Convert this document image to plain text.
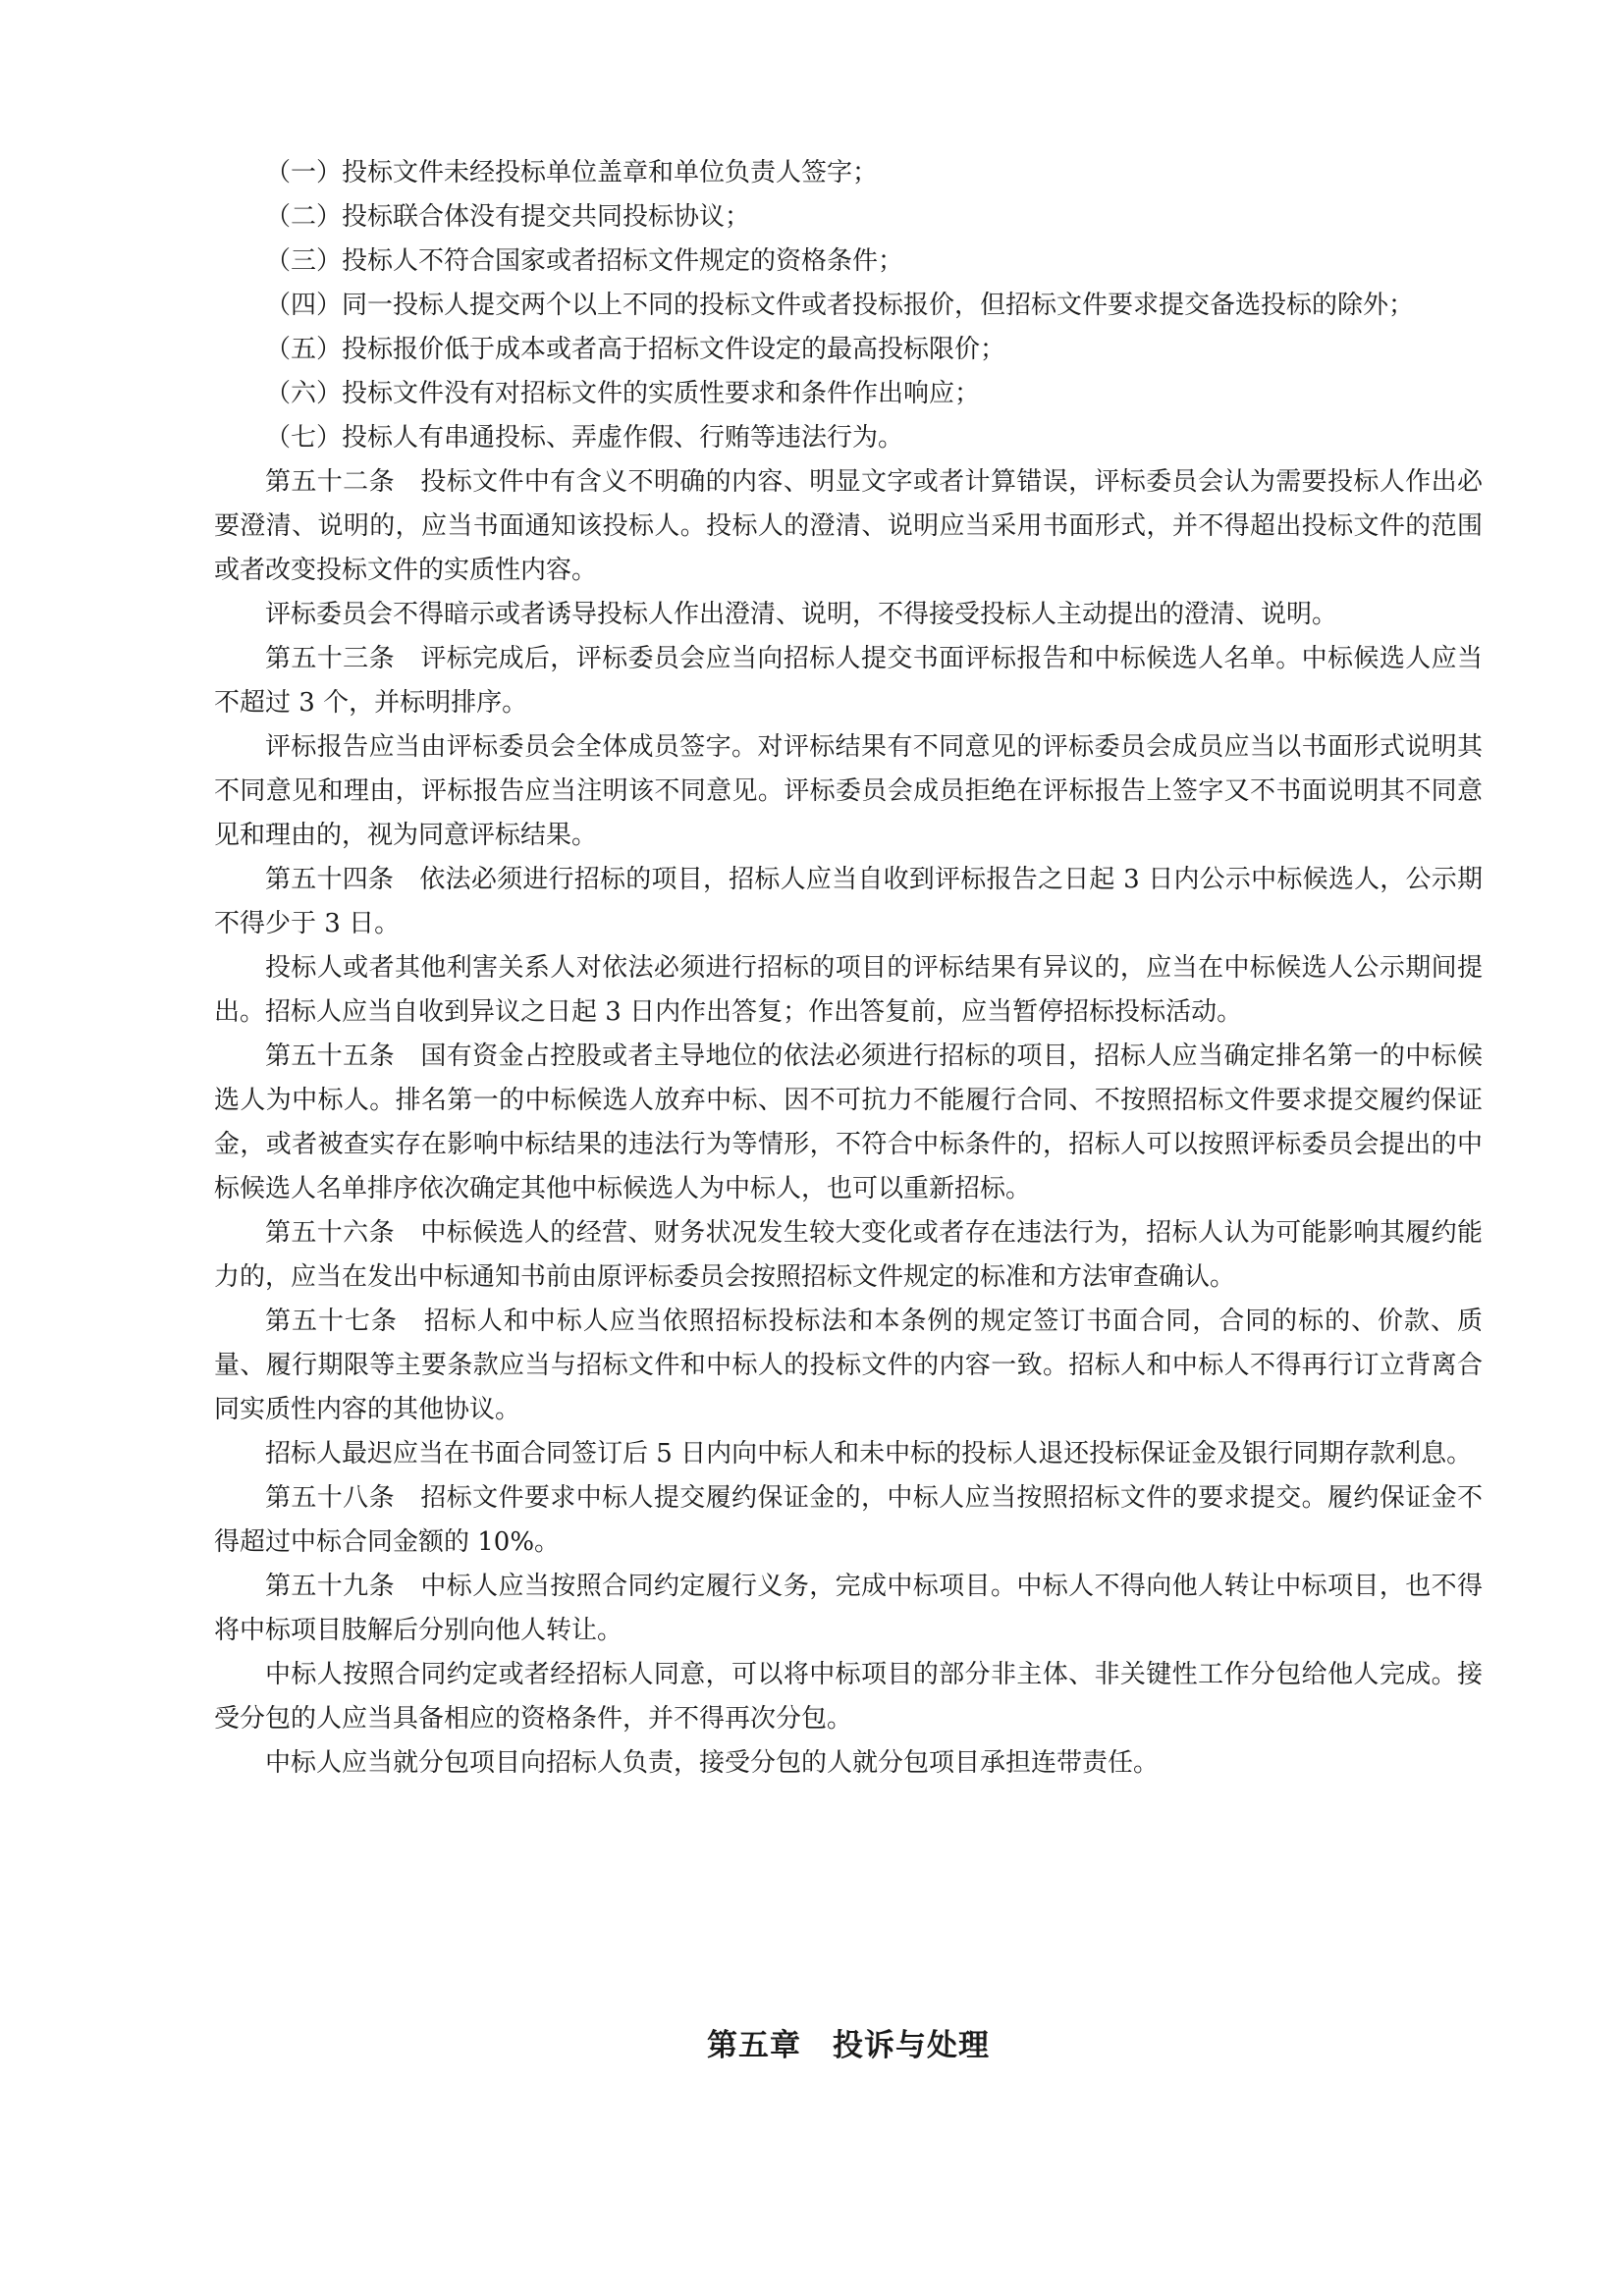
（一）投标文件未经投标单位盖章和单位负责人签字；

（二）投标联合体没有提交共同投标协议；

（三）投标人不符合国家或者招标文件规定的资格条件；

（四）同一投标人提交两个以上不同的投标文件或者投标报价，但招标文件要求提交备选投标的除外；

（五）投标报价低于成本或者高于招标文件设定的最高投标限价；

（六）投标文件没有对招标文件的实质性要求和条件作出响应；

（七）投标人有串通投标、弄虚作假、行贿等违法行为。

第五十二条　投标文件中有含义不明确的内容、明显文字或者计算错误，评标委员会认为需要投标人作出必要澄清、说明的，应当书面通知该投标人。投标人的澄清、说明应当采用书面形式，并不得超出投标文件的范围或者改变投标文件的实质性内容。

评标委员会不得暗示或者诱导投标人作出澄清、说明，不得接受投标人主动提出的澄清、说明。

第五十三条　评标完成后，评标委员会应当向招标人提交书面评标报告和中标候选人名单。中标候选人应当不超过 3 个，并标明排序。

评标报告应当由评标委员会全体成员签字。对评标结果有不同意见的评标委员会成员应当以书面形式说明其不同意见和理由，评标报告应当注明该不同意见。评标委员会成员拒绝在评标报告上签字又不书面说明其不同意见和理由的，视为同意评标结果。

第五十四条　依法必须进行招标的项目，招标人应当自收到评标报告之日起 3 日内公示中标候选人，公示期不得少于 3 日。

投标人或者其他利害关系人对依法必须进行招标的项目的评标结果有异议的，应当在中标候选人公示期间提出。招标人应当自收到异议之日起 3 日内作出答复；作出答复前，应当暂停招标投标活动。

第五十五条　国有资金占控股或者主导地位的依法必须进行招标的项目，招标人应当确定排名第一的中标候选人为中标人。排名第一的中标候选人放弃中标、因不可抗力不能履行合同、不按照招标文件要求提交履约保证金，或者被查实存在影响中标结果的违法行为等情形，不符合中标条件的，招标人可以按照评标委员会提出的中标候选人名单排序依次确定其他中标候选人为中标人，也可以重新招标。

第五十六条　中标候选人的经营、财务状况发生较大变化或者存在违法行为，招标人认为可能影响其履约能力的，应当在发出中标通知书前由原评标委员会按照招标文件规定的标准和方法审查确认。

第五十七条　招标人和中标人应当依照招标投标法和本条例的规定签订书面合同，合同的标的、价款、质量、履行期限等主要条款应当与招标文件和中标人的投标文件的内容一致。招标人和中标人不得再行订立背离合同实质性内容的其他协议。

招标人最迟应当在书面合同签订后 5 日内向中标人和未中标的投标人退还投标保证金及银行同期存款利息。

第五十八条　招标文件要求中标人提交履约保证金的，中标人应当按照招标文件的要求提交。履约保证金不得超过中标合同金额的 10%。

第五十九条　中标人应当按照合同约定履行义务，完成中标项目。中标人不得向他人转让中标项目，也不得将中标项目肢解后分别向他人转让。

中标人按照合同约定或者经招标人同意，可以将中标项目的部分非主体、非关键性工作分包给他人完成。接受分包的人应当具备相应的资格条件，并不得再次分包。

中标人应当就分包项目向招标人负责，接受分包的人就分包项目承担连带责任。

第五章　投诉与处理
